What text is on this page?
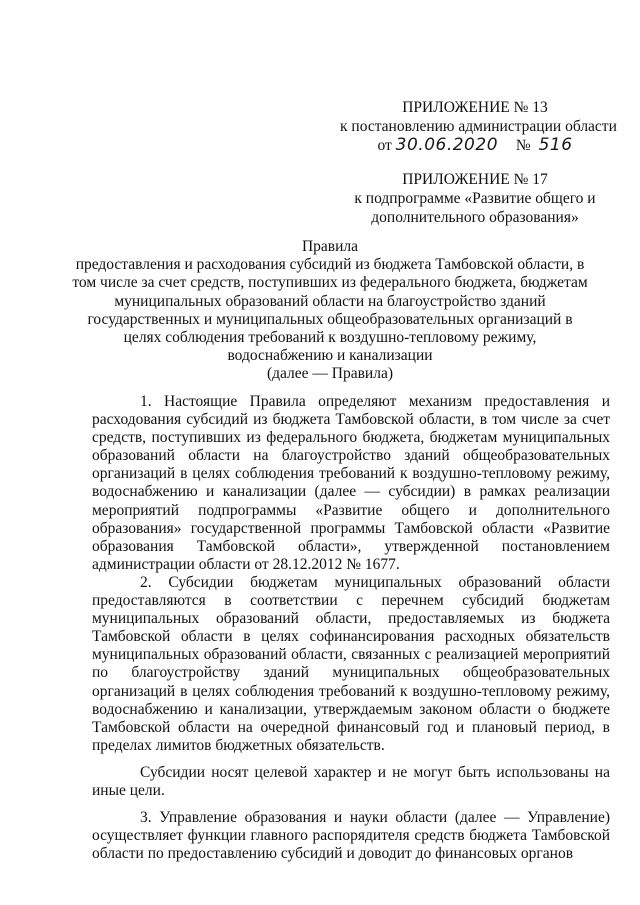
ПРИЛОЖЕНИЕ № 13
к постановлению администрации области
от 30.06.2020 № 516
ПРИЛОЖЕНИЕ № 17
к подпрограмме «Развитие общего и
дополнительного образования»
Правила
предоставления и расходования субсидий из бюджета Тамбовской области, в
том числе за счет средств, поступивших из федерального бюджета, бюджетам
муниципальных образований области на благоустройство зданий
государственных и муниципальных общеобразовательных организаций в
целях соблюдения требований к воздушно-тепловому режиму,
водоснабжению и канализации
(далее — Правила)

1. Настоящие Правила определяют механизм предоставления и расходования субсидий из бюджета Тамбовской области, в том числе за счет средств, поступивших из федерального бюджета, бюджетам муниципальных образований области на благоустройство зданий общеобразовательных организаций в целях соблюдения требований к воздушно-тепловому режиму, водоснабжению и канализации (далее — субсидии) в рамках реализации мероприятий подпрограммы «Развитие общего и дополнительного образования» государственной программы Тамбовской области «Развитие образования Тамбовской области», утвержденной постановлением администрации области от 28.12.2012 № 1677.

2. Субсидии бюджетам муниципальных образований области предоставляются в соответствии с перечнем субсидий бюджетам муниципальных образований области, предоставляемых из бюджета Тамбовской области в целях софинансирования расходных обязательств муниципальных образований области, связанных с реализацией мероприятий по благоустройству зданий муниципальных общеобразовательных организаций в целях соблюдения требований к воздушно-тепловому режиму, водоснабжению и канализации, утверждаемым законом области о бюджете Тамбовской области на очередной финансовый год и плановый период, в пределах лимитов бюджетных обязательств.

Субсидии носят целевой характер и не могут быть использованы на иные цели.

3. Управление образования и науки области (далее — Управление) осуществляет функции главного распорядителя средств бюджета Тамбовской области по предоставлению субсидий и доводит до финансовых органов
